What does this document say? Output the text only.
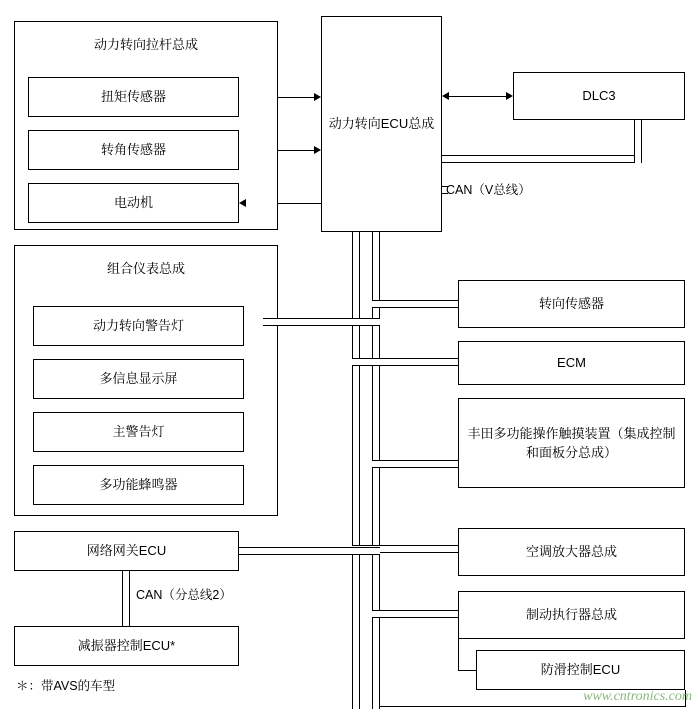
动力转向拉杆总成
扭矩传感器
转角传感器
电动机
动力转向ECU总成
DLC3
CAN（V总线）
组合仪表总成
动力转向警告灯
多信息显示屏
主警告灯
多功能蜂鸣器
转向传感器
ECM
丰田多功能操作触摸装置（集成控制和面板分总成）
空调放大器总成
制动执行器总成
防滑控制ECU
网络网关ECU
CAN（分总线2）
减振器控制ECU*
＊：带AVS的车型
www.cntronics.com
